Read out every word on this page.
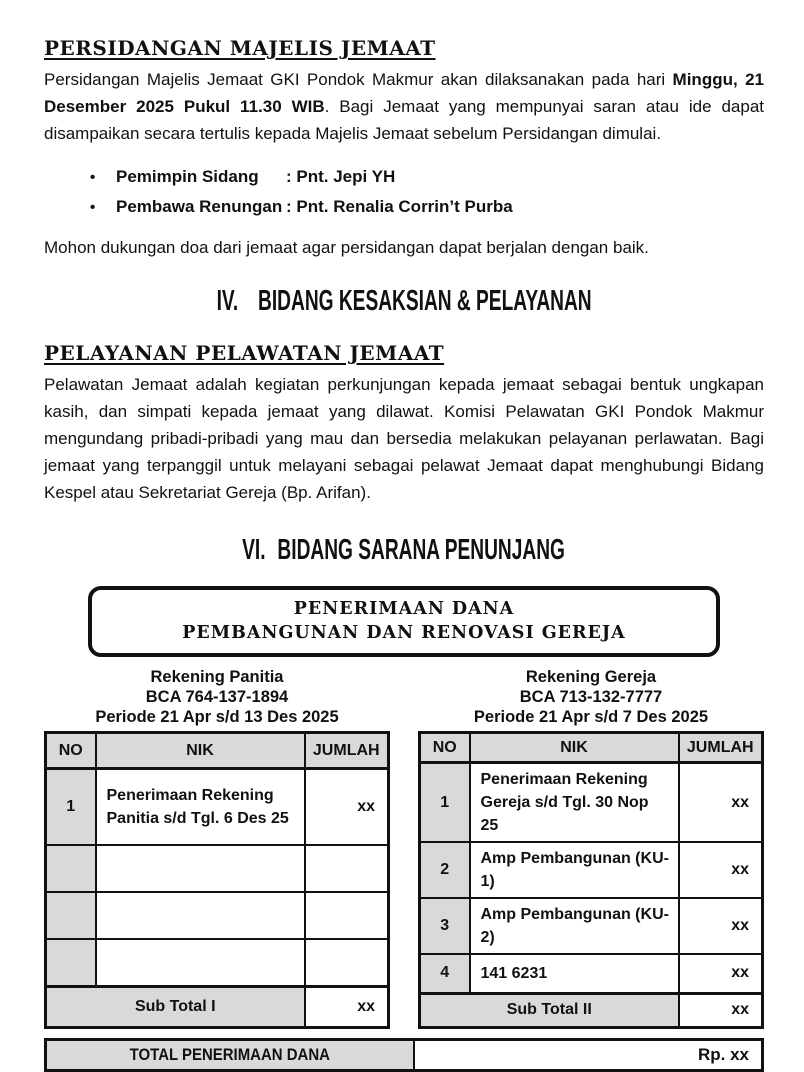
PERSIDANGAN MAJELIS JEMAAT

Persidangan Majelis Jemaat GKI Pondok Makmur akan dilaksanakan pada hari Minggu, 21 Desember 2025 Pukul 11.30 WIB. Bagi Jemaat yang mempunyai saran atau ide dapat disampaikan secara tertulis kepada Majelis Jemaat sebelum Persidangan dimulai.

•	Pemimpin Sidang	: Pnt. Jepi YH
•	Pembawa Renungan : Pnt. Renalia Corrin’t Purba

Mohon dukungan doa dari jemaat agar persidangan dapat berjalan dengan baik.

IV. BIDANG KESAKSIAN & PELAYANAN
PELAYANAN PELAWATAN JEMAAT

Pelawatan Jemaat adalah kegiatan perkunjungan kepada jemaat sebagai bentuk ungkapan kasih, dan simpati kepada jemaat yang dilawat. Komisi Pelawatan GKI Pondok Makmur mengundang pribadi-pribadi yang mau dan bersedia melakukan pelayanan perlawatan. Bagi jemaat yang terpanggil untuk melayani sebagai pelawat Jemaat dapat menghubungi Bidang Kespel atau Sekretariat Gereja (Bp. Arifan).

VI. BIDANG SARANA PENUNJANG
PENERIMAAN DANA
PEMBANGUNAN DAN RENOVASI GEREJA
Rekening Panitia
BCA 764-137-1894
Periode 21 Apr s/d 13 Des 2025
Rekening Gereja
BCA 713-132-7777
Periode 21 Apr s/d 7 Des 2025
NO	NIK	JUMLAH
1	Penerimaan Rekening Panitia s/d Tgl. 6 Des 25	xx

Sub Total I		xx
NO	NIK	JUMLAH
1	Penerimaan Rekening Gereja s/d Tgl. 30 Nop 25	xx
2	Amp Pembangunan (KU-1)	xx
3	Amp Pembangunan (KU-2)	xx
4	141 6231	xx
Sub Total II		xx
TOTAL PENERIMAAN DANA	Rp. xx
